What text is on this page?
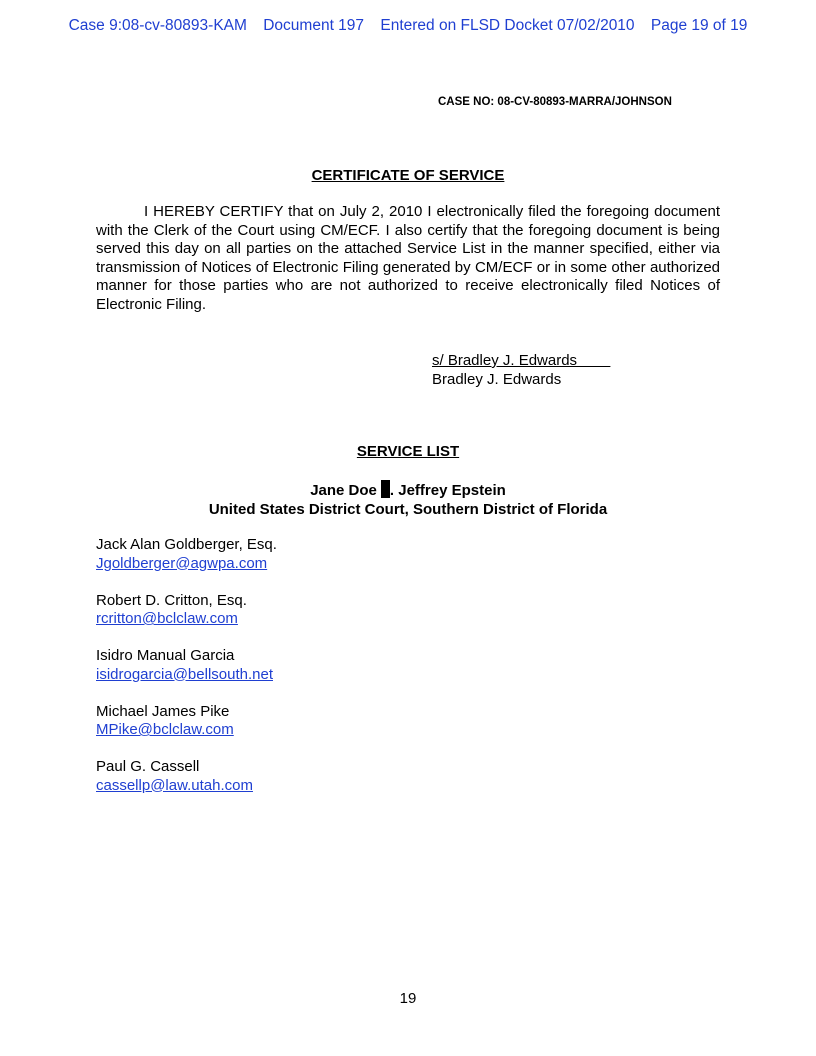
Case 9:08-cv-80893-KAM Document 197 Entered on FLSD Docket 07/02/2010 Page 19 of 19
CASE NO: 08-CV-80893-MARRA/JOHNSON
CERTIFICATE OF SERVICE
I HEREBY CERTIFY that on July 2, 2010 I electronically filed the foregoing document with the Clerk of the Court using CM/ECF. I also certify that the foregoing document is being served this day on all parties on the attached Service List in the manner specified, either via transmission of Notices of Electronic Filing generated by CM/ECF or in some other authorized manner for those parties who are not authorized to receive electronically filed Notices of Electronic Filing.
s/ Bradley J. Edwards
Bradley J. Edwards
SERVICE LIST
Jane Doe . Jeffrey Epstein
United States District Court, Southern District of Florida
Jack Alan Goldberger, Esq.
Jgoldberger@agwpa.com
Robert D. Critton, Esq.
rcritton@bclclaw.com
Isidro Manual Garcia
isidrogarcia@bellsouth.net
Michael James Pike
MPike@bclclaw.com
Paul G. Cassell
cassellp@law.utah.com
19
